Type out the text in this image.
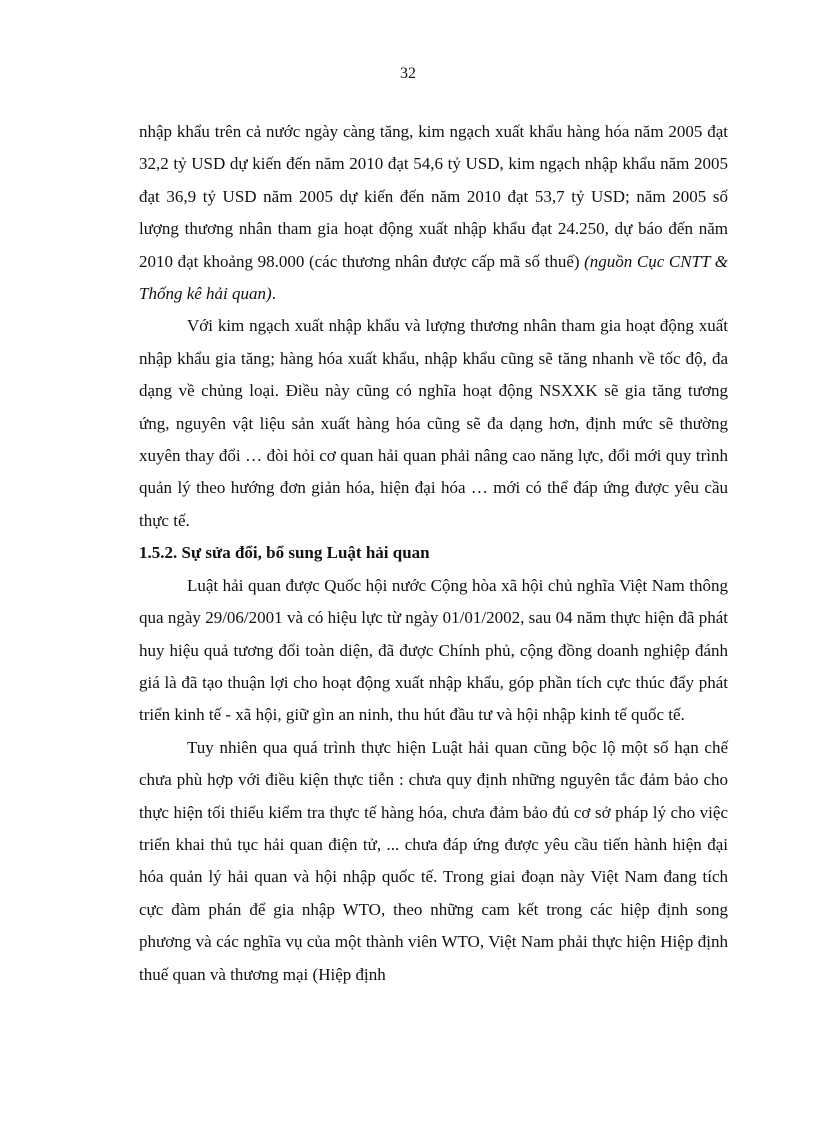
32

nhập khẩu trên cả nước ngày càng tăng, kim ngạch xuất khẩu hàng hóa năm 2005 đạt 32,2 tỷ USD dự kiến đến năm 2010 đạt 54,6 tỷ USD, kim ngạch nhập khẩu năm 2005 đạt 36,9 tỷ USD năm 2005 dự kiến đến năm 2010 đạt 53,7 tỷ USD; năm 2005 số lượng thương nhân tham gia hoạt động xuất nhập khẩu đạt 24.250, dự báo đến năm 2010 đạt khoảng 98.000 (các thương nhân được cấp mã số thuế) (nguồn Cục CNTT & Thống kê hải quan).

Với kim ngạch xuất nhập khẩu và lượng thương nhân tham gia hoạt động xuất nhập khẩu gia tăng; hàng hóa xuất khẩu, nhập khẩu cũng sẽ tăng nhanh về tốc độ, đa dạng về chủng loại. Điều này cũng có nghĩa hoạt động NSXXK sẽ gia tăng tương ứng, nguyên vật liệu sản xuất hàng hóa cũng sẽ đa dạng hơn, định mức sẽ thường xuyên thay đổi … đòi hỏi cơ quan hải quan phải nâng cao năng lực, đổi mới quy trình quản lý theo hướng đơn giản hóa, hiện đại hóa … mới có thể đáp ứng được yêu cầu thực tế.

1.5.2. Sự sửa đổi, bổ sung Luật hải quan

Luật hải quan được Quốc hội nước Cộng hòa xã hội chủ nghĩa Việt Nam thông qua ngày 29/06/2001 và có hiệu lực từ ngày 01/01/2002, sau 04 năm thực hiện đã phát huy hiệu quả tương đối toàn diện, đã được Chính phủ, cộng đồng doanh nghiệp đánh giá là đã tạo thuận lợi cho hoạt động xuất nhập khẩu, góp phần tích cực thúc đẩy phát triển kinh tế - xã hội, giữ gìn an ninh, thu hút đầu tư và hội nhập kinh tế quốc tế.

Tuy nhiên qua quá trình thực hiện Luật hải quan cũng bộc lộ một số hạn chế chưa phù hợp với điều kiện thực tiễn : chưa quy định những nguyên tắc đảm bảo cho thực hiện tối thiểu kiểm tra thực tế hàng hóa, chưa đảm bảo đủ cơ sở pháp lý cho việc triển khai thủ tục hải quan điện tử, ... chưa đáp ứng được yêu cầu tiến hành hiện đại hóa quản lý hải quan và hội nhập quốc tế. Trong giai đoạn này Việt Nam đang tích cực đàm phán để gia nhập WTO, theo những cam kết trong các hiệp định song phương và các nghĩa vụ của một thành viên WTO, Việt Nam phải thực hiện Hiệp định thuế quan và thương mại (Hiệp định
